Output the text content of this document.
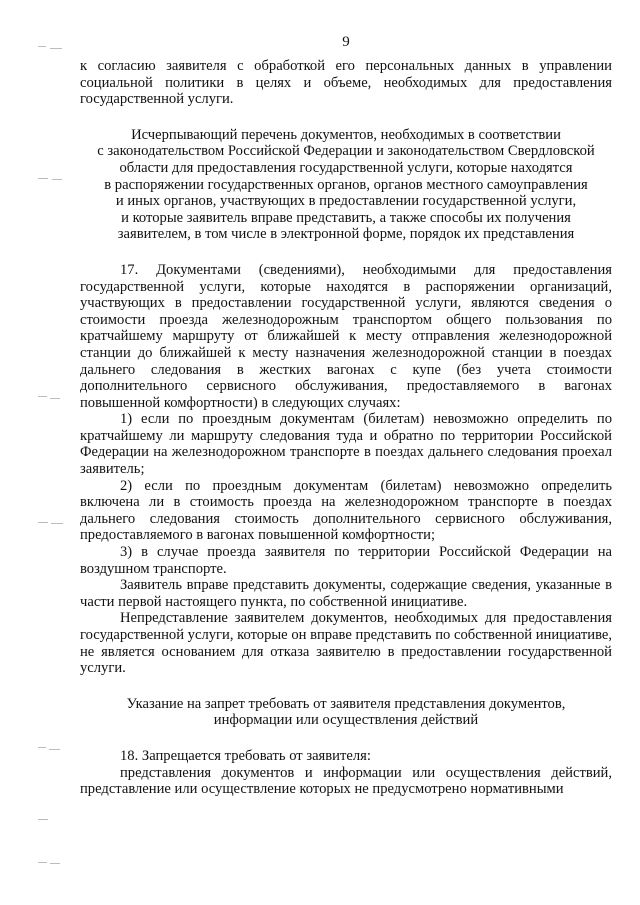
9

к согласию заявителя с обработкой его персональных данных в управлении социальной политики в целях и объеме, необходимых для предоставления государственной услуги.

Исчерпывающий перечень документов, необходимых в соответствии
с законодательством Российской Федерации и законодательством Свердловской
области для предоставления государственной услуги, которые находятся
в распоряжении государственных органов, органов местного самоуправления
и иных органов, участвующих в предоставлении государственной услуги,
и которые заявитель вправе представить, а также способы их получения
заявителем, в том числе в электронной форме, порядок их представления

17. Документами (сведениями), необходимыми для предоставления государственной услуги, которые находятся в распоряжении организаций, участвующих в предоставлении государственной услуги, являются сведения о стоимости проезда железнодорожным транспортом общего пользования по кратчайшему маршруту от ближайшей к месту отправления железнодорожной станции до ближайшей к месту назначения железнодорожной станции в поездах дальнего следования в жестких вагонах с купе (без учета стоимости дополнительного сервисного обслуживания, предоставляемого в вагонах повышенной комфортности) в следующих случаях:

1) если по проездным документам (билетам) невозможно определить по кратчайшему ли маршруту следования туда и обратно по территории Российской Федерации на железнодорожном транспорте в поездах дальнего следования проехал заявитель;

2) если по проездным документам (билетам) невозможно определить включена ли в стоимость проезда на железнодорожном транспорте в поездах дальнего следования стоимость дополнительного сервисного обслуживания, предоставляемого в вагонах повышенной комфортности;

3) в случае проезда заявителя по территории Российской Федерации на воздушном транспорте.

Заявитель вправе представить документы, содержащие сведения, указанные в части первой настоящего пункта, по собственной инициативе.

Непредставление заявителем документов, необходимых для предоставления государственной услуги, которые он вправе представить по собственной инициативе, не является основанием для отказа заявителю в предоставлении государственной услуги.

Указание на запрет требовать от заявителя представления документов,
информации или осуществления действий

18. Запрещается требовать от заявителя:

представления документов и информации или осуществления действий, представление или осуществление которых не предусмотрено нормативными
